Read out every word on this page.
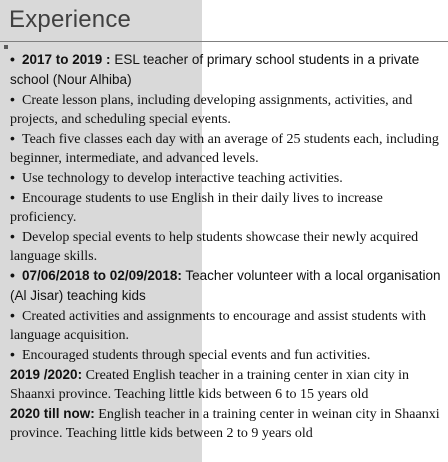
Experience

• 2017 to 2019 : ESL teacher of primary school students in a private school (Nour Alhiba)

• Create lesson plans, including developing assignments, activities, and projects, and scheduling special events.

• Teach five classes each day with an average of 25 students each, including beginner, intermediate, and advanced levels.

• Use technology to develop interactive teaching activities.

• Encourage students to use English in their daily lives to increase proficiency.

• Develop special events to help students showcase their newly acquired language skills.

• 07/06/2018 to 02/09/2018: Teacher volunteer with a local organisation (Al Jisar) teaching kids

• Created activities and assignments to encourage and assist students with language acquisition.

• Encouraged students through special events and fun activities.

2019 /2020: Created English teacher in a training center in xian city in Shaanxi province. Teaching little kids between 6 to 15 years old

2020 till now: English teacher in a training center in weinan city in Shaanxi province. Teaching little kids between 2 to 9 years old
